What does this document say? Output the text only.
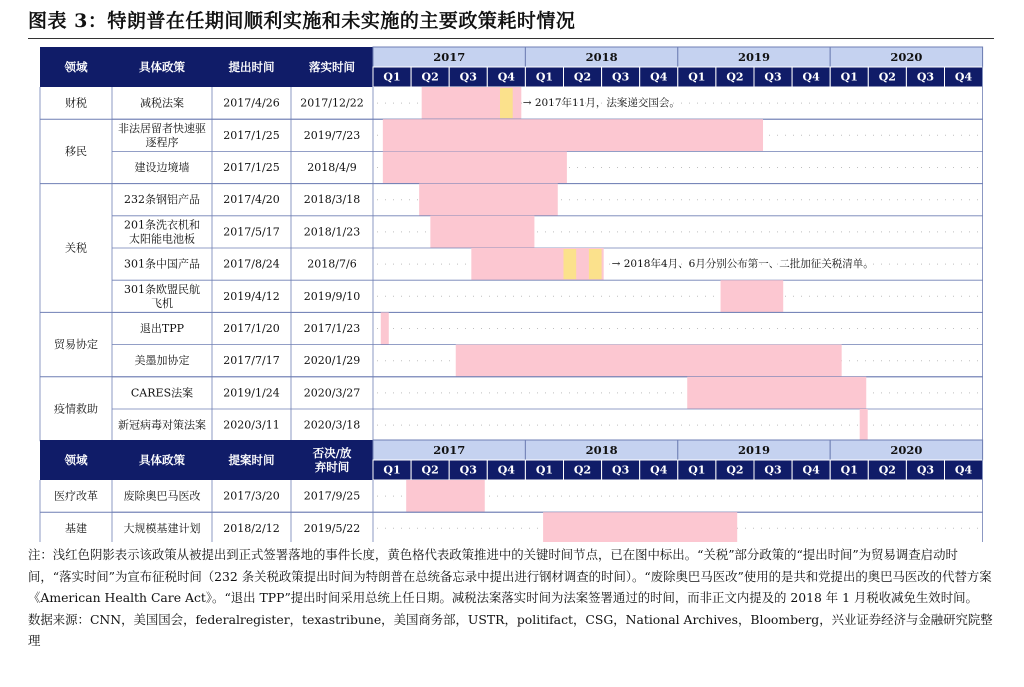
图表 3：特朗普在任期间顺利实施和未实施的主要政策耗时情况
领域	具体政策	提出时间	落实时间
2017
Q1 Q2 Q3 Q4
2018
Q1 Q2 Q3 Q4
2019
Q1 Q2 Q3 Q4
2020
Q1 Q2 Q3 Q4
→ 2017年11月，法案递交国会。
减税法案	2017/4/26 2017/12/22
财税
非法居留者快速驱
逐程序
2017/1/25 2019/7/23
建设边境墙	2017/1/25	2018/4/9
移民
232条钢铝产品 2017/4/20 2018/3/18
201条洗衣机和
太阳能电池板
2017/5/17 2018/1/23
→ 2018年4月、6月分别公布第一、二批加征关税清单。
301条中国产品 2017/8/24	2018/7/6
301条欧盟民航
飞机
2019/4/12 2019/9/10
关税
退出TPP	2017/1/20 2017/1/23
美墨加协定	2017/7/17 2020/1/29
贸易协定
CARES法案	2019/1/24 2020/3/27
新冠病毒对策法案 2020/3/11 2020/3/18
疫情救助
领域	具体政策	提案时间	否决/放
弃时间
2017
Q1 Q2 Q3 Q4
2018
Q1 Q2 Q3 Q4
2019
Q1 Q2 Q3 Q4
2020
Q1 Q2 Q3 Q4
废除奥巴马医改 2017/3/20 2017/9/25
医疗改革
大规模基建计划 2018/2/12 2019/5/22
基建

注：浅红色阴影表示该政策从被提出到正式签署落地的事件长度，黄色格代表政策推进中的关键时间节点，已在图中标出。“关税”部分政策的“提出时间”为贸易调查启动时间，“落实时间”为宣布征税时间（232 条关税政策提出时间为特朗普在总统备忘录中提出进行钢材调查的时间）。“废除奥巴马医改”使用的是共和党提出的奥巴马医改的代替方案《American Health Care Act》。“退出 TPP”提出时间采用总统上任日期。减税法案落实时间为法案签署通过的时间，而非正文内提及的 2018 年 1 月税收减免生效时间。

数据来源：CNN，美国国会，federalregister，texastribune，美国商务部，USTR，politifact，CSG，National Archives，Bloomberg，兴业证券经济与金融研究院整理
